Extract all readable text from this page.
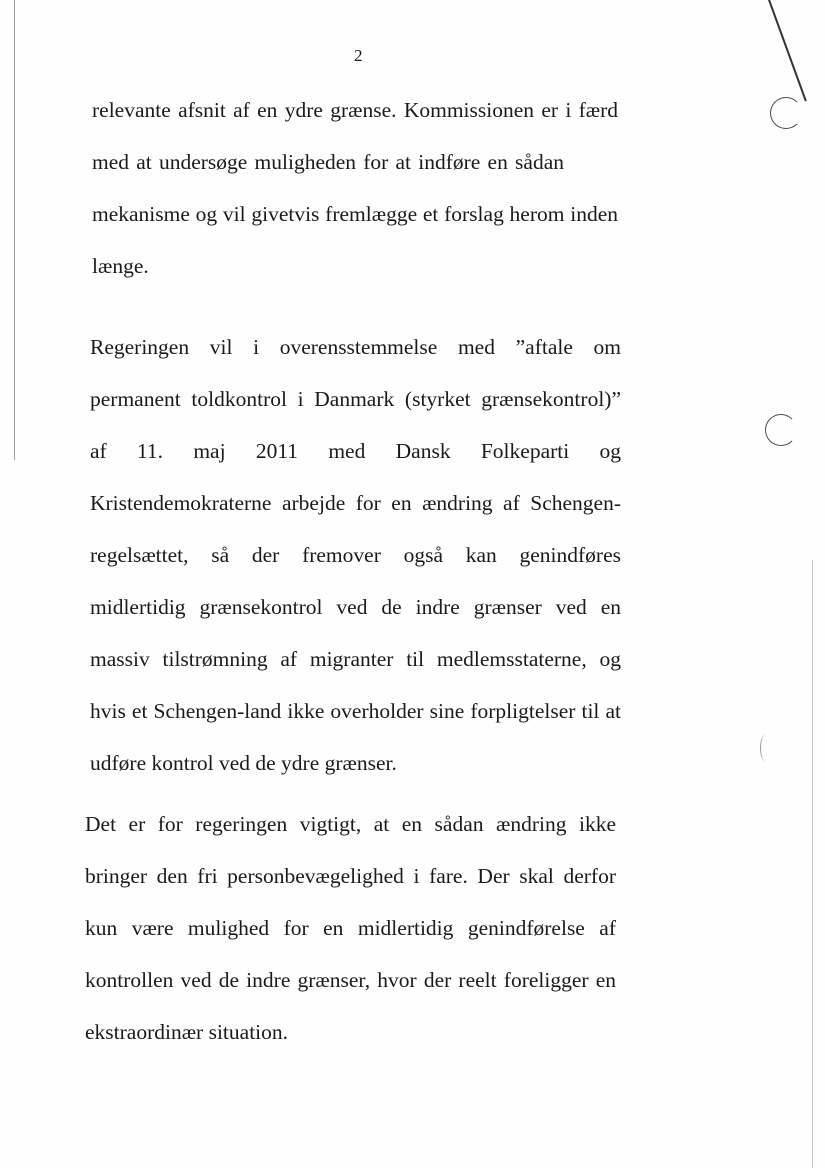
2
relevante afsnit af en ydre grænse. Kommissionen er i færd
med at undersøge muligheden for at indføre en sådan
mekanisme og vil givetvis fremlægge et forslag herom inden
længe.
Regeringen vil i overensstemmelse med ”aftale om
permanent toldkontrol i Danmark (styrket grænsekontrol)”
af 11. maj 2011 med Dansk Folkeparti og
Kristendemokraterne arbejde for en ændring af Schengen-
regelsættet, så der fremover også kan genindføres
midlertidig grænsekontrol ved de indre grænser ved en
massiv tilstrømning af migranter til medlemsstaterne, og
hvis et Schengen-land ikke overholder sine forpligtelser til at
udføre kontrol ved de ydre grænser.
Det er for regeringen vigtigt, at en sådan ændring ikke
bringer den fri personbevægelighed i fare. Der skal derfor
kun være mulighed for en midlertidig genindførelse af
kontrollen ved de indre grænser, hvor der reelt foreligger en
ekstraordinær situation.
